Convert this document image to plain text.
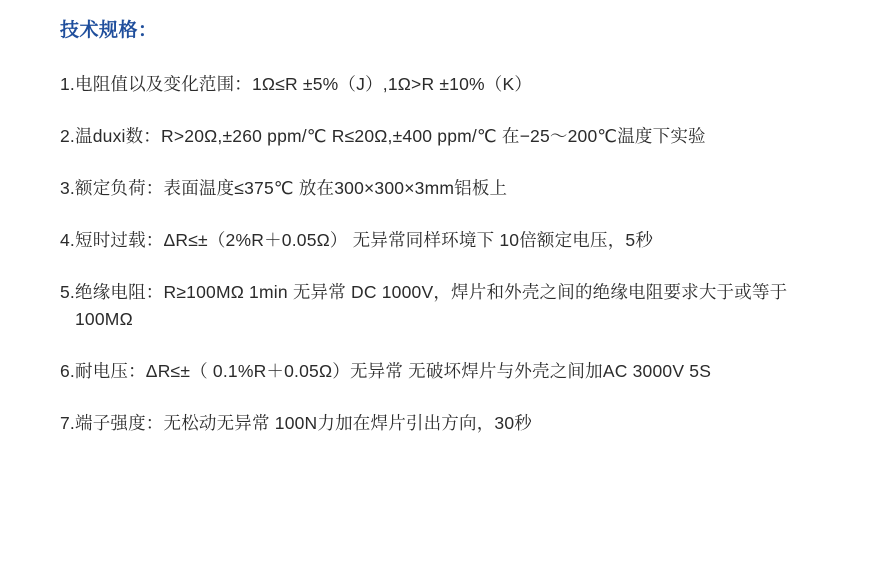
技术规格：
1. 电阻值以及变化范围：1Ω≤R ±5%（J）,1Ω>R ±10%（K）
2. 温duxi数：R>20Ω,±260 ppm/℃ R≤20Ω,±400 ppm/℃ 在−25～200℃温度下实验
3. 额定负荷：表面温度≤375℃ 放在300×300×3mm铝板上
4. 短时过载：ΔR≤±（2%R＋0.05Ω） 无异常同样环境下 10倍额定电压，5秒
5. 绝缘电阻：R≥100MΩ 1min 无异常 DC 1000V，焊片和外壳之间的绝缘电阻要求大于或等于100MΩ
6. 耐电压：ΔR≤±（ 0.1%R＋0.05Ω）无异常 无破坏焊片与外壳之间加AC 3000V 5S
7. 端子强度：无松动无异常 100N力加在焊片引出方向，30秒
